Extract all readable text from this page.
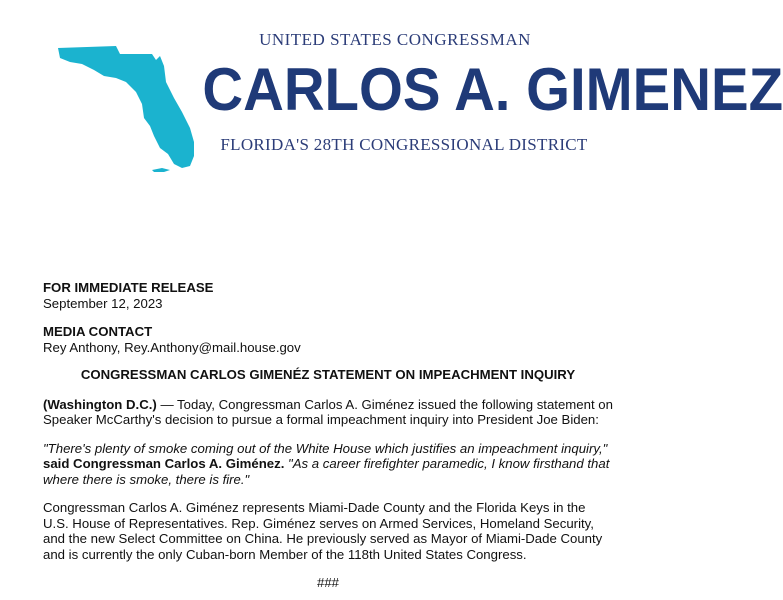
UNITED STATES CONGRESSMAN
CARLOS A. GIMENEZ
FLORIDA'S 28TH CONGRESSIONAL DISTRICT

FOR IMMEDIATE RELEASE

September 12, 2023

MEDIA CONTACT

Rey Anthony, Rey.Anthony@mail.house.gov

CONGRESSMAN CARLOS GIMENÉZ STATEMENT ON IMPEACHMENT INQUIRY

(Washington D.C.) — Today, Congressman Carlos A. Giménez issued the following statement on Speaker McCarthy's decision to pursue a formal impeachment inquiry into President Joe Biden:

"There's plenty of smoke coming out of the White House which justifies an impeachment inquiry," said Congressman Carlos A. Giménez. "As a career firefighter paramedic, I know firsthand that where there is smoke, there is fire."

Congressman Carlos A. Giménez represents Miami-Dade County and the Florida Keys in the U.S. House of Representatives. Rep. Giménez serves on Armed Services, Homeland Security, and the new Select Committee on China. He previously served as Mayor of Miami-Dade County and is currently the only Cuban-born Member of the 118th United States Congress.

###
